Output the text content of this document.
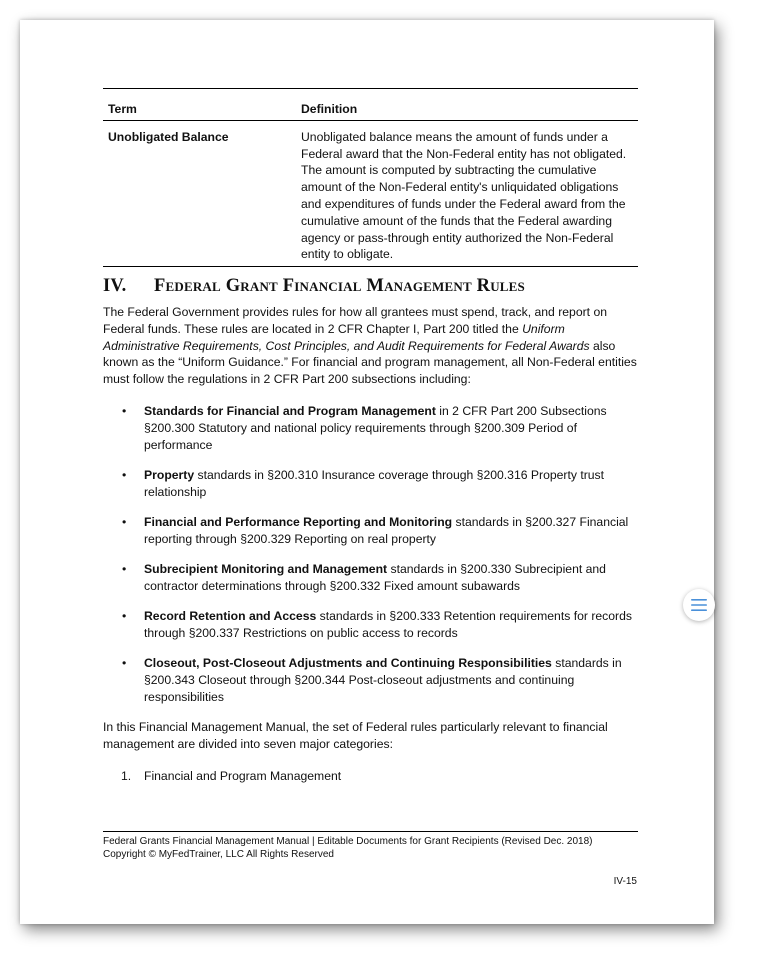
Term	Definition
Unobligated Balance	Unobligated balance means the amount of funds under a Federal award that the Non-Federal entity has not obligated. The amount is computed by subtracting the cumulative amount of the Non-Federal entity's unliquidated obligations and expenditures of funds under the Federal award from the cumulative amount of the funds that the Federal awarding agency or pass-through entity authorized the Non-Federal entity to obligate.
IV. Federal Grant Financial Management Rules

The Federal Government provides rules for how all grantees must spend, track, and report on Federal funds. These rules are located in 2 CFR Chapter I, Part 200 titled the Uniform Administrative Requirements, Cost Principles, and Audit Requirements for Federal Awards also known as the “Uniform Guidance.” For financial and program management, all Non-Federal entities must follow the regulations in 2 CFR Part 200 subsections including:

• Standards for Financial and Program Management in 2 CFR Part 200 Subsections §200.300 Statutory and national policy requirements through §200.309 Period of performance
• Property standards in §200.310 Insurance coverage through §200.316 Property trust relationship
• Financial and Performance Reporting and Monitoring standards in §200.327 Financial reporting through §200.329 Reporting on real property
• Subrecipient Monitoring and Management standards in §200.330 Subrecipient and contractor determinations through §200.332 Fixed amount subawards
• Record Retention and Access standards in §200.333 Retention requirements for records through §200.337 Restrictions on public access to records
• Closeout, Post-Closeout Adjustments and Continuing Responsibilities standards in §200.343 Closeout through §200.344 Post-closeout adjustments and continuing responsibilities

In this Financial Management Manual, the set of Federal rules particularly relevant to financial management are divided into seven major categories:

1. Financial and Program Management
Federal Grants Financial Management Manual | Editable Documents for Grant Recipients (Revised Dec. 2018)
Copyright © MyFedTrainer, LLC All Rights Reserved
IV-15
